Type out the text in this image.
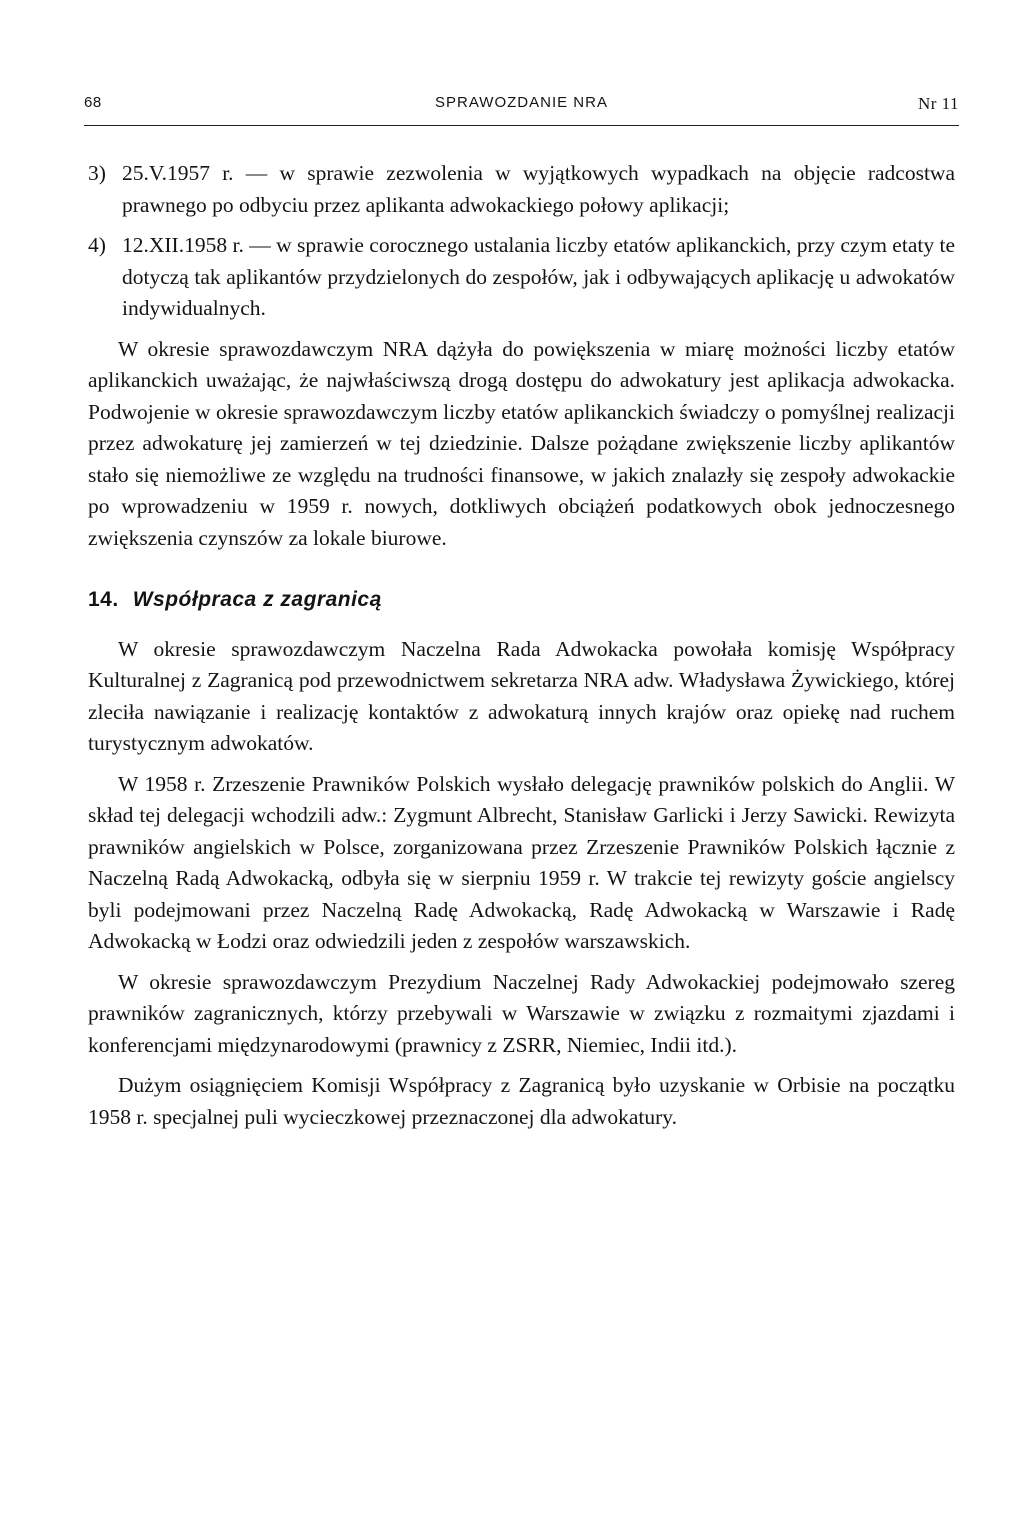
68	SPRAWOZDANIE NRA	Nr 11
3) 25.V.1957 r. — w sprawie zezwolenia w wyjątkowych wypadkach na objęcie radcostwa prawnego po odbyciu przez aplikanta adwokackiego połowy aplikacji;
4) 12.XII.1958 r. — w sprawie corocznego ustalania liczby etatów aplikanckich, przy czym etaty te dotyczą tak aplikantów przydzielonych do zespołów, jak i odbywających aplikację u adwokatów indywidualnych.

W okresie sprawozdawczym NRA dążyła do powiększenia w miarę możności liczby etatów aplikanckich uważając, że najwłaściwszą drogą dostępu do adwokatury jest aplikacja adwokacka. Podwojenie w okresie sprawozdawczym liczby etatów aplikanckich świadczy o pomyślnej realizacji przez adwokaturę jej zamierzeń w tej dziedzinie. Dalsze pożądane zwiększenie liczby aplikantów stało się niemożliwe ze względu na trudności finansowe, w jakich znalazły się zespoły adwokackie po wprowadzeniu w 1959 r. nowych, dotkliwych obciążeń podatkowych obok jednoczesnego zwiększenia czynszów za lokale biurowe.

14. Współpraca z zagranicą

W okresie sprawozdawczym Naczelna Rada Adwokacka powołała komisję Współpracy Kulturalnej z Zagranicą pod przewodnictwem sekretarza NRA adw. Władysława Żywickiego, której zleciła nawiązanie i realizację kontaktów z adwokaturą innych krajów oraz opiekę nad ruchem turystycznym adwokatów.

W 1958 r. Zrzeszenie Prawników Polskich wysłało delegację prawników polskich do Anglii. W skład tej delegacji wchodzili adw.: Zygmunt Albrecht, Stanisław Garlicki i Jerzy Sawicki. Rewizyta prawników angielskich w Polsce, zorganizowana przez Zrzeszenie Prawników Polskich łącznie z Naczelną Radą Adwokacką, odbyła się w sierpniu 1959 r. W trakcie tej rewizyty goście angielscy byli podejmowani przez Naczelną Radę Adwokacką, Radę Adwokacką w Warszawie i Radę Adwokacką w Łodzi oraz odwiedzili jeden z zespołów warszawskich.

W okresie sprawozdawczym Prezydium Naczelnej Rady Adwokackiej podejmowało szereg prawników zagranicznych, którzy przebywali w Warszawie w związku z rozmaitymi zjazdami i konferencjami międzynarodowymi (prawnicy z ZSRR, Niemiec, Indii itd.).

Dużym osiągnięciem Komisji Współpracy z Zagranicą było uzyskanie w Orbisie na początku 1958 r. specjalnej puli wycieczkowej przeznaczonej dla adwokatury.
